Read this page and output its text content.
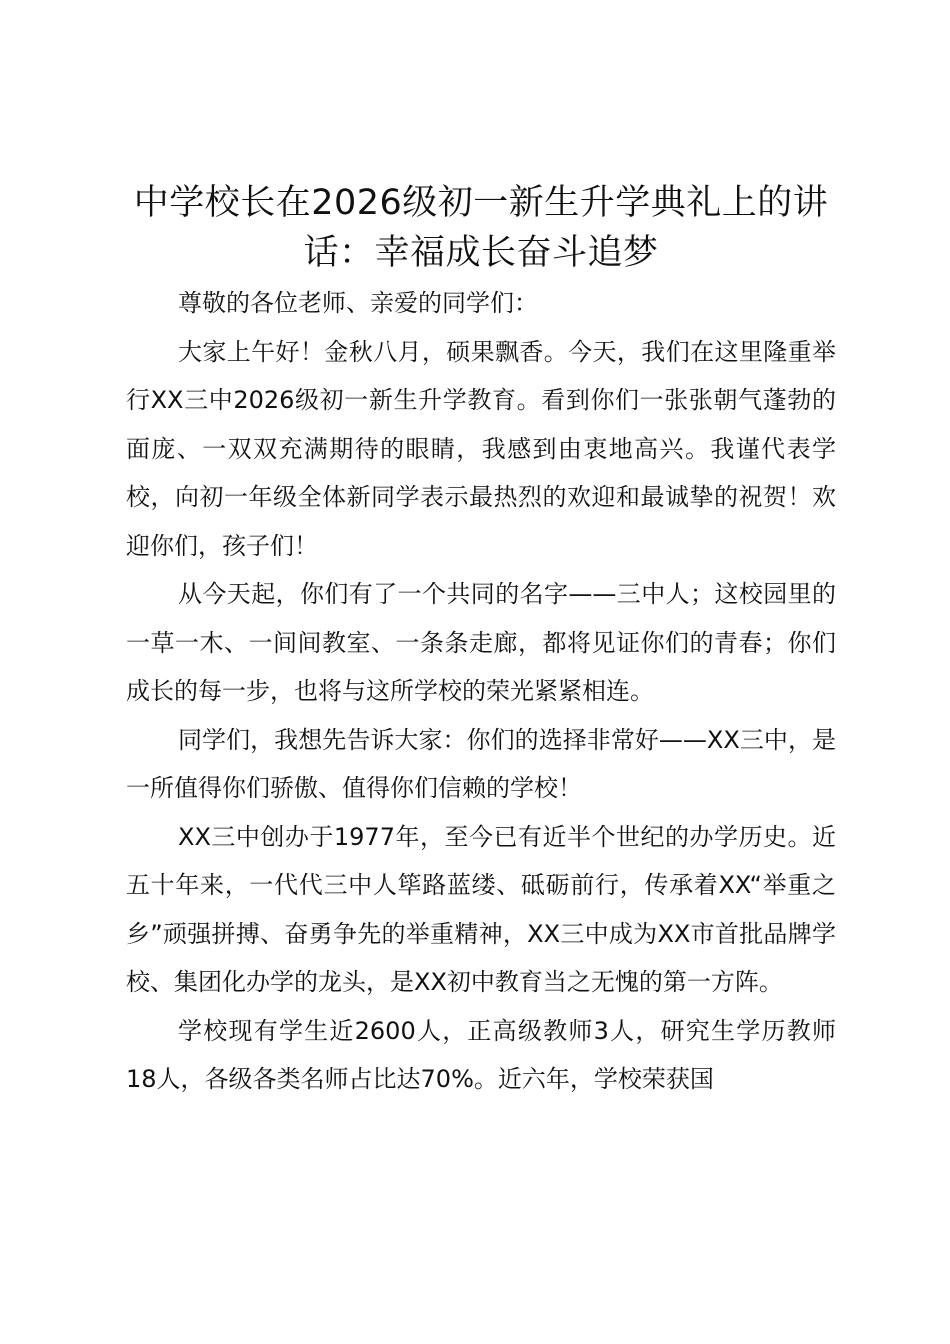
中学校长在2026级初一新生升学典礼上的讲话：幸福成长奋斗追梦

尊敬的各位老师、亲爱的同学们：

大家上午好！金秋八月，硕果飘香。今天，我们在这里隆重举行XX三中2026级初一新生升学教育。看到你们一张张朝气蓬勃的面庞、一双双充满期待的眼睛，我感到由衷地高兴。我谨代表学校，向初一年级全体新同学表示最热烈的欢迎和最诚挚的祝贺！欢迎你们，孩子们！

从今天起，你们有了一个共同的名字——三中人；这校园里的一草一木、一间间教室、一条条走廊，都将见证你们的青春；你们成长的每一步，也将与这所学校的荣光紧紧相连。

同学们，我想先告诉大家：你们的选择非常好——XX三中，是一所值得你们骄傲、值得你们信赖的学校！

XX三中创办于1977年，至今已有近半个世纪的办学历史。近五十年来，一代代三中人筚路蓝缕、砥砺前行，传承着XX“举重之乡”顽强拼搏、奋勇争先的举重精神，XX三中成为XX市首批品牌学校、集团化办学的龙头，是XX初中教育当之无愧的第一方阵。

学校现有学生近2600人，正高级教师3人，研究生学历教师18人，各级各类名师占比达70%。近六年，学校荣获国
